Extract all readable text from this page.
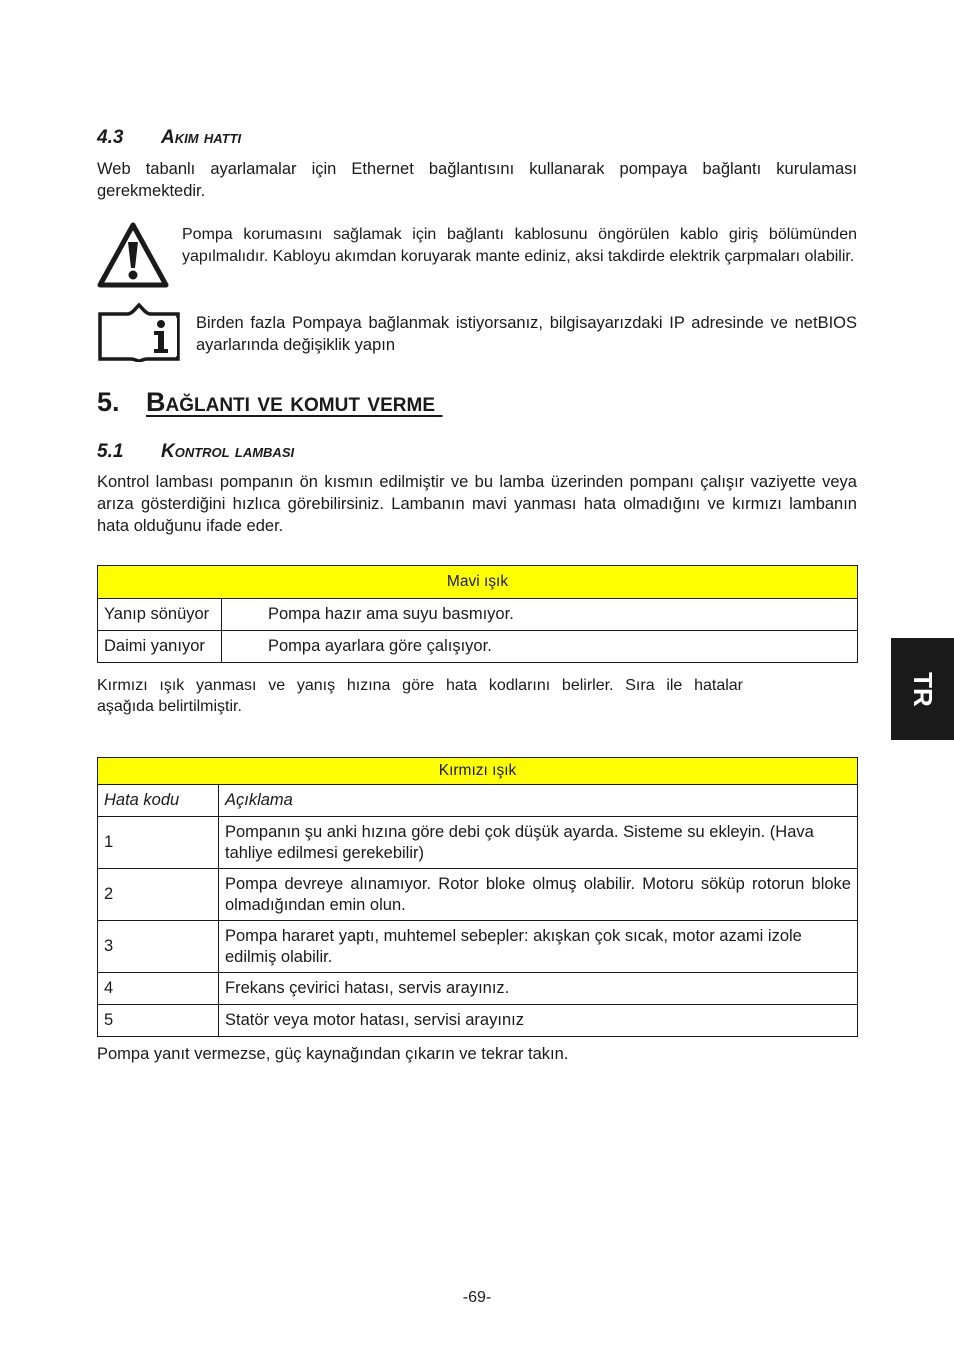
4.3 Akim hatti
Web tabanlı ayarlamalar için Ethernet bağlantısını kullanarak pompaya bağlantı kurulaması gerekmektedir.
Pompa korumasını sağlamak için bağlantı kablosunu öngörülen kablo giriş bölümünden yapılmalıdır. Kabloyu akımdan koruyarak mante ediniz, aksi takdirde elektrik çarpmaları olabilir.
Birden fazla Pompaya bağlanmak istiyorsanız, bilgisayarızdaki IP adresinde ve netBIOS ayarlarında değişiklik yapın
5. Bağlanti ve komut verme
5.1 Kontrol lambasi
Kontrol lambası pompanın ön kısmın edilmiştir ve bu lamba üzerinden pompanı çalışır vaziyette veya arıza gösterdiğini hızlıca görebilirsiniz. Lambanın mavi yanması hata olmadığını ve kırmızı lambanın hata olduğunu ifade eder.
Mavi ışık	
Yanıp sönüyor	Pompa hazır ama suyu basmıyor.
Daimi yanıyor	Pompa ayarlara göre çalışıyor.
Kırmızı ışık yanması ve yanış hızına göre hata kodlarını belirler. Sıra ile hatalar
aşağıda belirtilmiştir.
Kırmızı ışık	
Hata kodu	Açıklama
1	Pompanın şu anki hızına göre debi çok düşük ayarda. Sisteme su ekleyin. (Hava tahliye edilmesi gerekebilir)
2	Pompa devreye alınamıyor. Rotor bloke olmuş olabilir. Motoru söküp rotorun bloke olmadığından emin olun.
3	Pompa hararet yaptı, muhtemel sebepler: akışkan çok sıcak, motor azami izole edilmiş olabilir.
4	Frekans çevirici hatası, servis arayınız.
5	Statör veya motor hatası, servisi arayınız
Pompa yanıt vermezse, güç kaynağından çıkarın ve tekrar takın.
-69-
TR
